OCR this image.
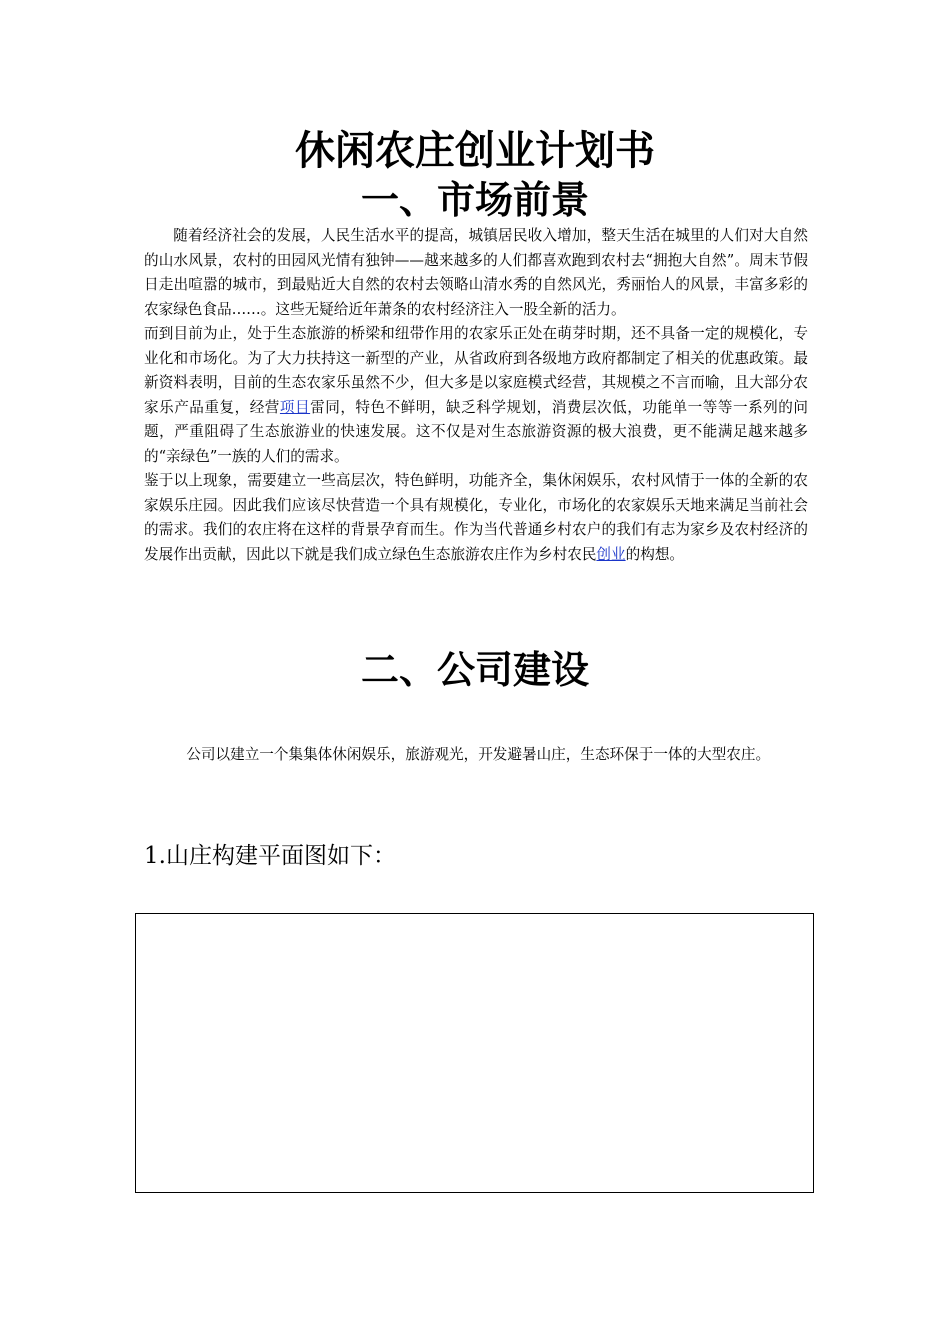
休闲农庄创业计划书
一、市场前景

随着经济社会的发展，人民生活水平的提高，城镇居民收入增加，整天生活在城里的人们对大自然的山水风景，农村的田园风光情有独钟——越来越多的人们都喜欢跑到农村去“拥抱大自然”。周末节假日走出喧嚣的城市，到最贴近大自然的农村去领略山清水秀的自然风光，秀丽怡人的风景，丰富多彩的农家绿色食品……。这些无疑给近年萧条的农村经济注入一股全新的活力。

而到目前为止，处于生态旅游的桥梁和纽带作用的农家乐正处在萌芽时期，还不具备一定的规模化，专业化和市场化。为了大力扶持这一新型的产业，从省政府到各级地方政府都制定了相关的优惠政策。最新资料表明，目前的生态农家乐虽然不少，但大多是以家庭模式经营，其规模之不言而喻，且大部分农家乐产品重复，经营项目雷同，特色不鲜明，缺乏科学规划，消费层次低，功能单一等等一系列的问题，严重阻碍了生态旅游业的快速发展。这不仅是对生态旅游资源的极大浪费，更不能满足越来越多的“亲绿色”一族的人们的需求。

鉴于以上现象，需要建立一些高层次，特色鲜明，功能齐全，集休闲娱乐，农村风情于一体的全新的农家娱乐庄园。因此我们应该尽快营造一个具有规模化，专业化，市场化的农家娱乐天地来满足当前社会的需求。我们的农庄将在这样的背景孕育而生。作为当代普通乡村农户的我们有志为家乡及农村经济的发展作出贡献，因此以下就是我们成立绿色生态旅游农庄作为乡村农民创业的构想。

二、公司建设

公司以建立一个集集体休闲娱乐，旅游观光，开发避暑山庄，生态环保于一体的大型农庄。

1.山庄构建平面图如下：
